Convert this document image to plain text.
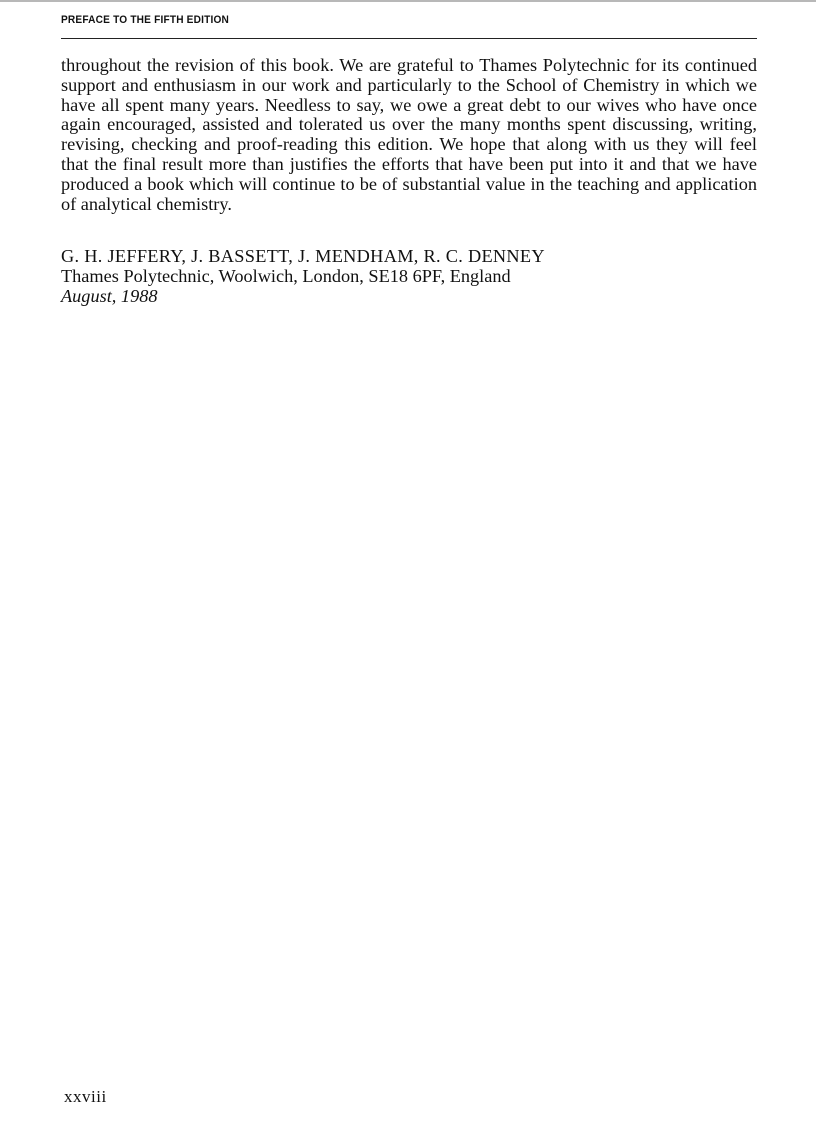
PREFACE TO THE FIFTH EDITION

throughout the revision of this book. We are grateful to Thames Polytechnic for its continued support and enthusiasm in our work and particularly to the School of Chemistry in which we have all spent many years. Needless to say, we owe a great debt to our wives who have once again encouraged, assisted and tolerated us over the many months spent discussing, writing, revising, checking and proof-reading this edition. We hope that along with us they will feel that the final result more than justifies the efforts that have been put into it and that we have produced a book which will continue to be of substantial value in the teaching and application of analytical chemistry.

G. H. JEFFERY, J. BASSETT, J. MENDHAM, R. C. DENNEY
Thames Polytechnic, Woolwich, London, SE18 6PF, England
August, 1988
xxviii
